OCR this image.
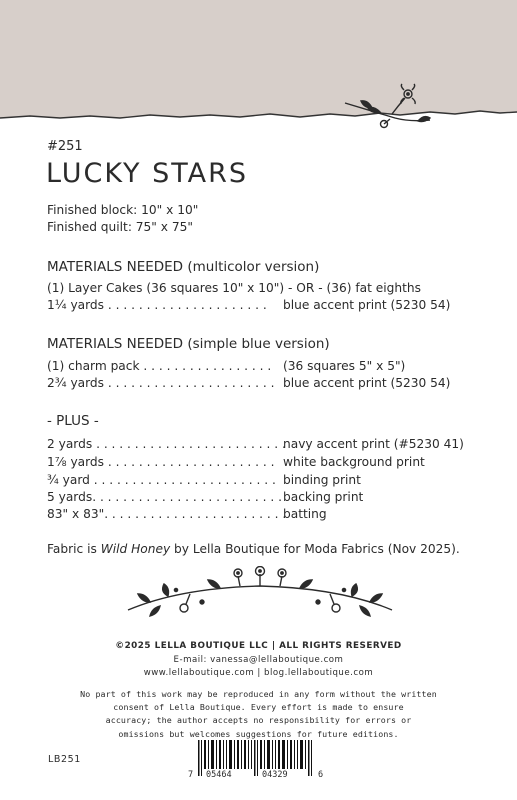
#251
LUCKY STARS
Finished block: 10" x 10"
Finished quilt: 75" x 75"
MATERIALS NEEDED (multicolor version)
(1) Layer Cakes (36 squares 10" x 10") - OR - (36) fat eighths
1¼ yards . . . . . . . . . . . . . . . . . . . . . blue accent print (5230 54)
MATERIALS NEEDED (simple blue version)
(1) charm pack . . . . . . . . . . . . . . . . . (36 squares 5" x 5")
2¾ yards . . . . . . . . . . . . . . . . . . . . . . blue accent print (5230 54)
- PLUS -
2 yards . . . . . . . . . . . . . . . . . . . . . . . . .
navy accent print (#5230 41)
1⅞ yards . . . . . . . . . . . . . . . . . . . . . . white background print
¾ yard . . . . . . . . . . . . . . . . . . . . . . . . binding print
5 yards. . . . . . . . . . . . . . . . . . . . . . . . . backing print
83" x 83". . . . . . . . . . . . . . . . . . . . . . . .
batting
Fabric is Wild Honey by Lella Boutique for Moda Fabrics (Nov 2025).
©2025 LELLA BOUTIQUE LLC | ALL RIGHTS RESERVED
E-mail: vanessa@lellaboutique.com
www.lellaboutique.com | blog.lellaboutique.com
No part of this work may be reproduced in any form without the written
consent of Lella Boutique. Every effort is made to ensure
accuracy; the author accepts no responsibility for errors or
omissions but welcomes suggestions for future editions.
LB251
7 05464	04329	6
